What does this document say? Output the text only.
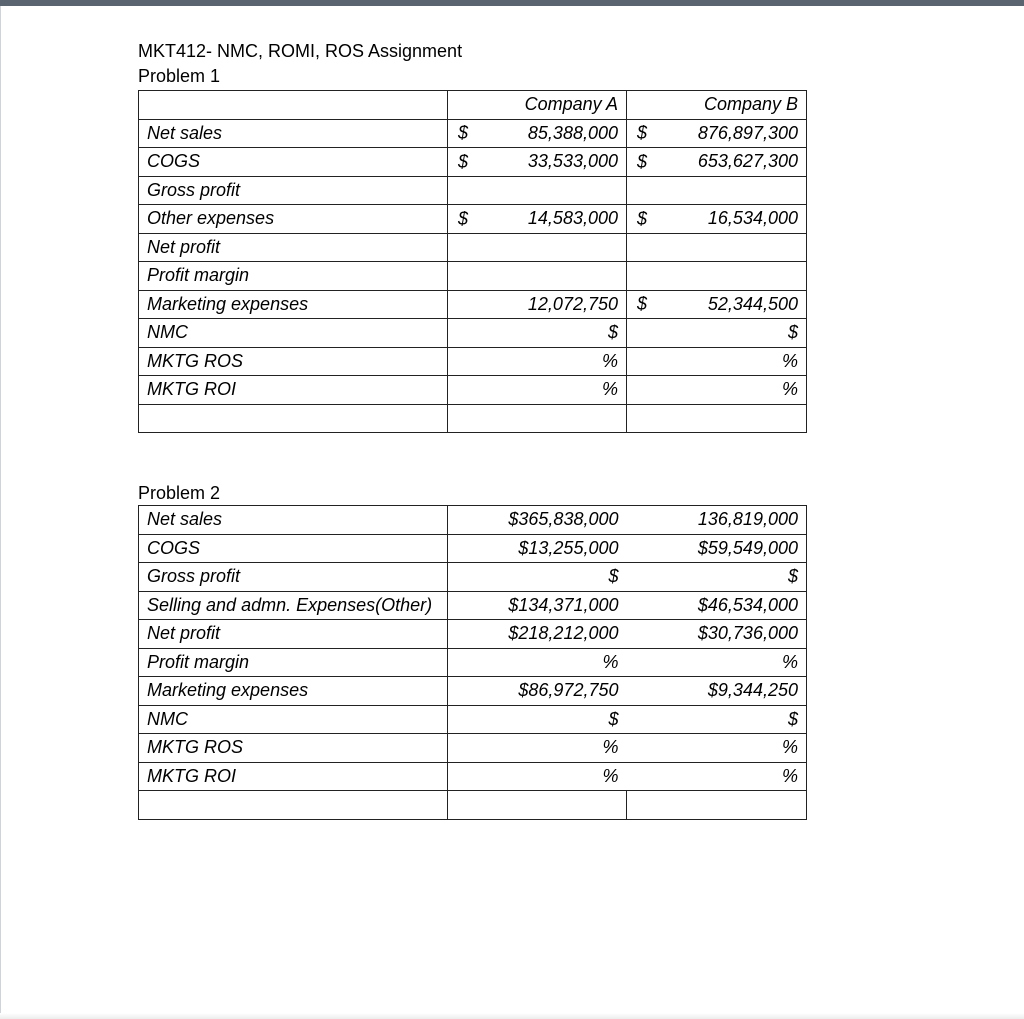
MKT412- NMC, ROMI, ROS Assignment
Problem 1
	Company A	Company B
Net sales	$ 85,388,000	$ 876,897,300
COGS	$ 33,533,000	$ 653,627,300
Gross profit	

Other expenses	$ 14,583,000	$ 16,534,000
Net profit	

Profit margin	

Marketing expenses	12,072,750	$ 52,344,500
NMC	$	$
MKTG ROS	%	%
MKTG ROI	%	%

Problem 2
Net sales	$365,838,000	136,819,000
COGS	$13,255,000	$59,549,000
Gross profit	$	$
Selling and admn. Expenses(Other)	$134,371,000	$46,534,000
Net profit	$218,212,000	$30,736,000
Profit margin	%	%
Marketing expenses	$86,972,750	$9,344,250
NMC	$	$
MKTG ROS	%	%
MKTG ROI	%	%
